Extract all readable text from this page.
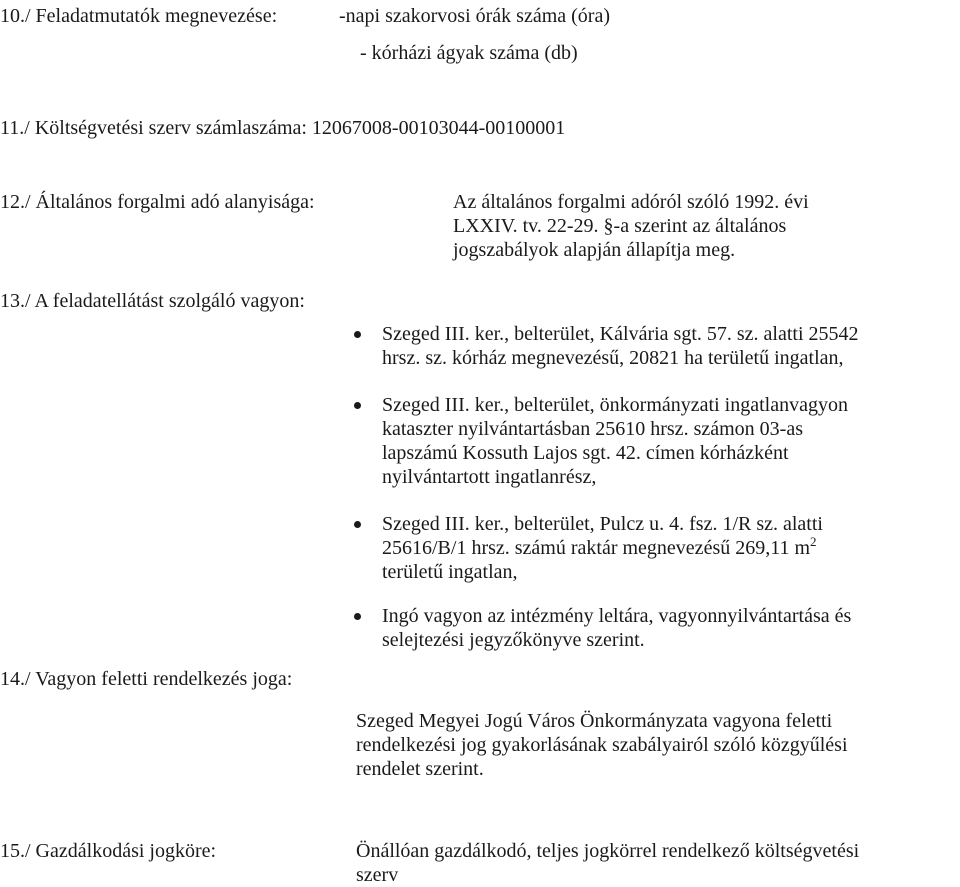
10./ Feladatmutatók megnevezése:	-napi szakorvosi órák száma (óra)
- kórházi ágyak száma (db)
11./ Költségvetési szerv számlaszáma: 12067008-00103044-00100001
12./ Általános forgalmi adó alanyisága:	Az általános forgalmi adóról szóló 1992. évi
LXXIV. tv. 22-29. §-a szerint az általános
jogszabályok alapján állapítja meg.
13./ A feladatellátást szolgáló vagyon:
Szeged III. ker., belterület, Kálvária sgt. 57. sz. alatti 25542
hrsz. sz. kórház megnevezésű, 20821 ha területű ingatlan,
Szeged III. ker., belterület, önkormányzati ingatlanvagyon
kataszter nyilvántartásban 25610 hrsz. számon 03-as
lapszámú Kossuth Lajos sgt. 42. címen kórházként
nyilvántartott ingatlanrész,
Szeged III. ker., belterület, Pulcz u. 4. fsz. 1/R sz. alatti
25616/B/1 hrsz. számú raktár megnevezésű 269,11 $m^2$
területű ingatlan,
Ingó vagyon az intézmény leltára, vagyonnyilvántartása és
selejtezési jegyzőkönyve szerint.
14./ Vagyon feletti rendelkezés joga:
Szeged Megyei Jogú Város Önkormányzata vagyona feletti
rendelkezési jog gyakorlásának szabályairól szóló közgyűlési
rendelet szerint.
15./ Gazdálkodási jogköre:	Önállóan gazdálkodó, teljes jogkörrel rendelkező költségvetési
szerv
